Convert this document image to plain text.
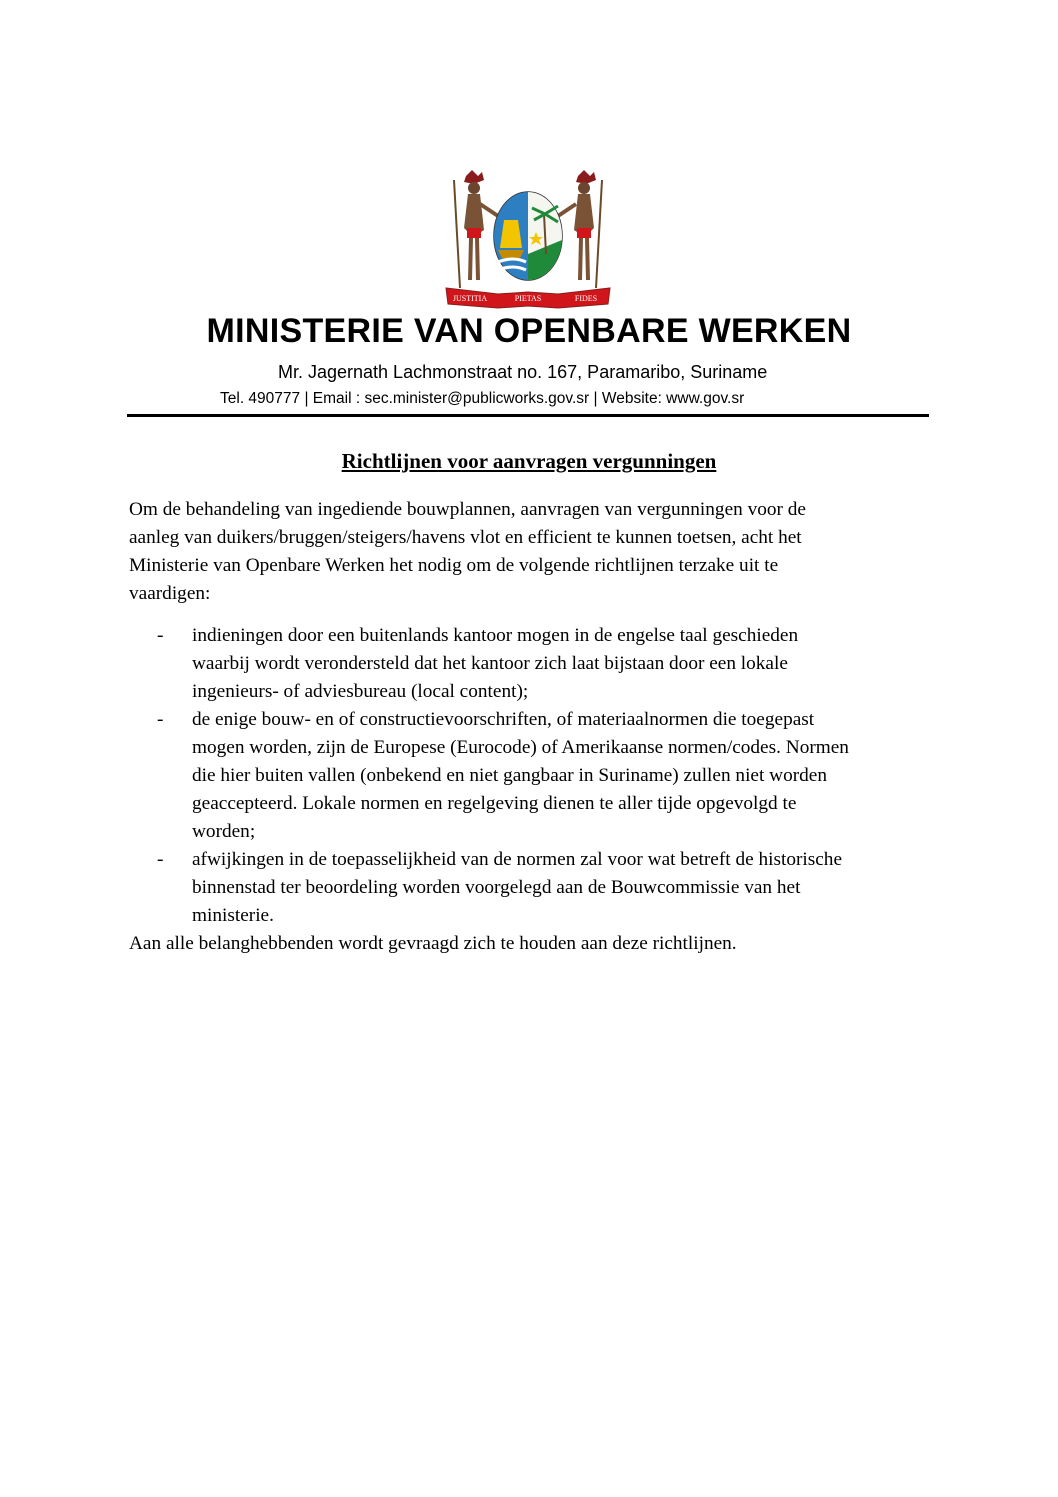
JUSTITIA	PIETAS	FIDES
MINISTERIE VAN OPENBARE WERKEN
Mr. Jagernath Lachmonstraat no. 167, Paramaribo, Suriname
Tel. 490777 | Email : sec.minister@publicworks.gov.sr | Website: www.gov.sr
Richtlijnen voor aanvragen vergunningen
Om de behandeling van ingediende bouwplannen, aanvragen van vergunningen voor de
aanleg van duikers/bruggen/steigers/havens vlot en efficient te kunnen toetsen, acht het
Ministerie van Openbare Werken het nodig om de volgende richtlijnen terzake uit te
vaardigen:
- indieningen door een buitenlands kantoor mogen in de engelse taal geschieden
waarbij wordt verondersteld dat het kantoor zich laat bijstaan door een lokale
ingenieurs- of adviesbureau (local content);
- de enige bouw- en of constructievoorschriften, of materiaalnormen die toegepast
mogen worden, zijn de Europese (Eurocode) of Amerikaanse normen/codes. Normen
die hier buiten vallen (onbekend en niet gangbaar in Suriname) zullen niet worden
geaccepteerd. Lokale normen en regelgeving dienen te aller tijde opgevolgd te
worden;
- afwijkingen in de toepasselijkheid van de normen zal voor wat betreft de historische
binnenstad ter beoordeling worden voorgelegd aan de Bouwcommissie van het
ministerie.

Aan alle belanghebbenden wordt gevraagd zich te houden aan deze richtlijnen.
